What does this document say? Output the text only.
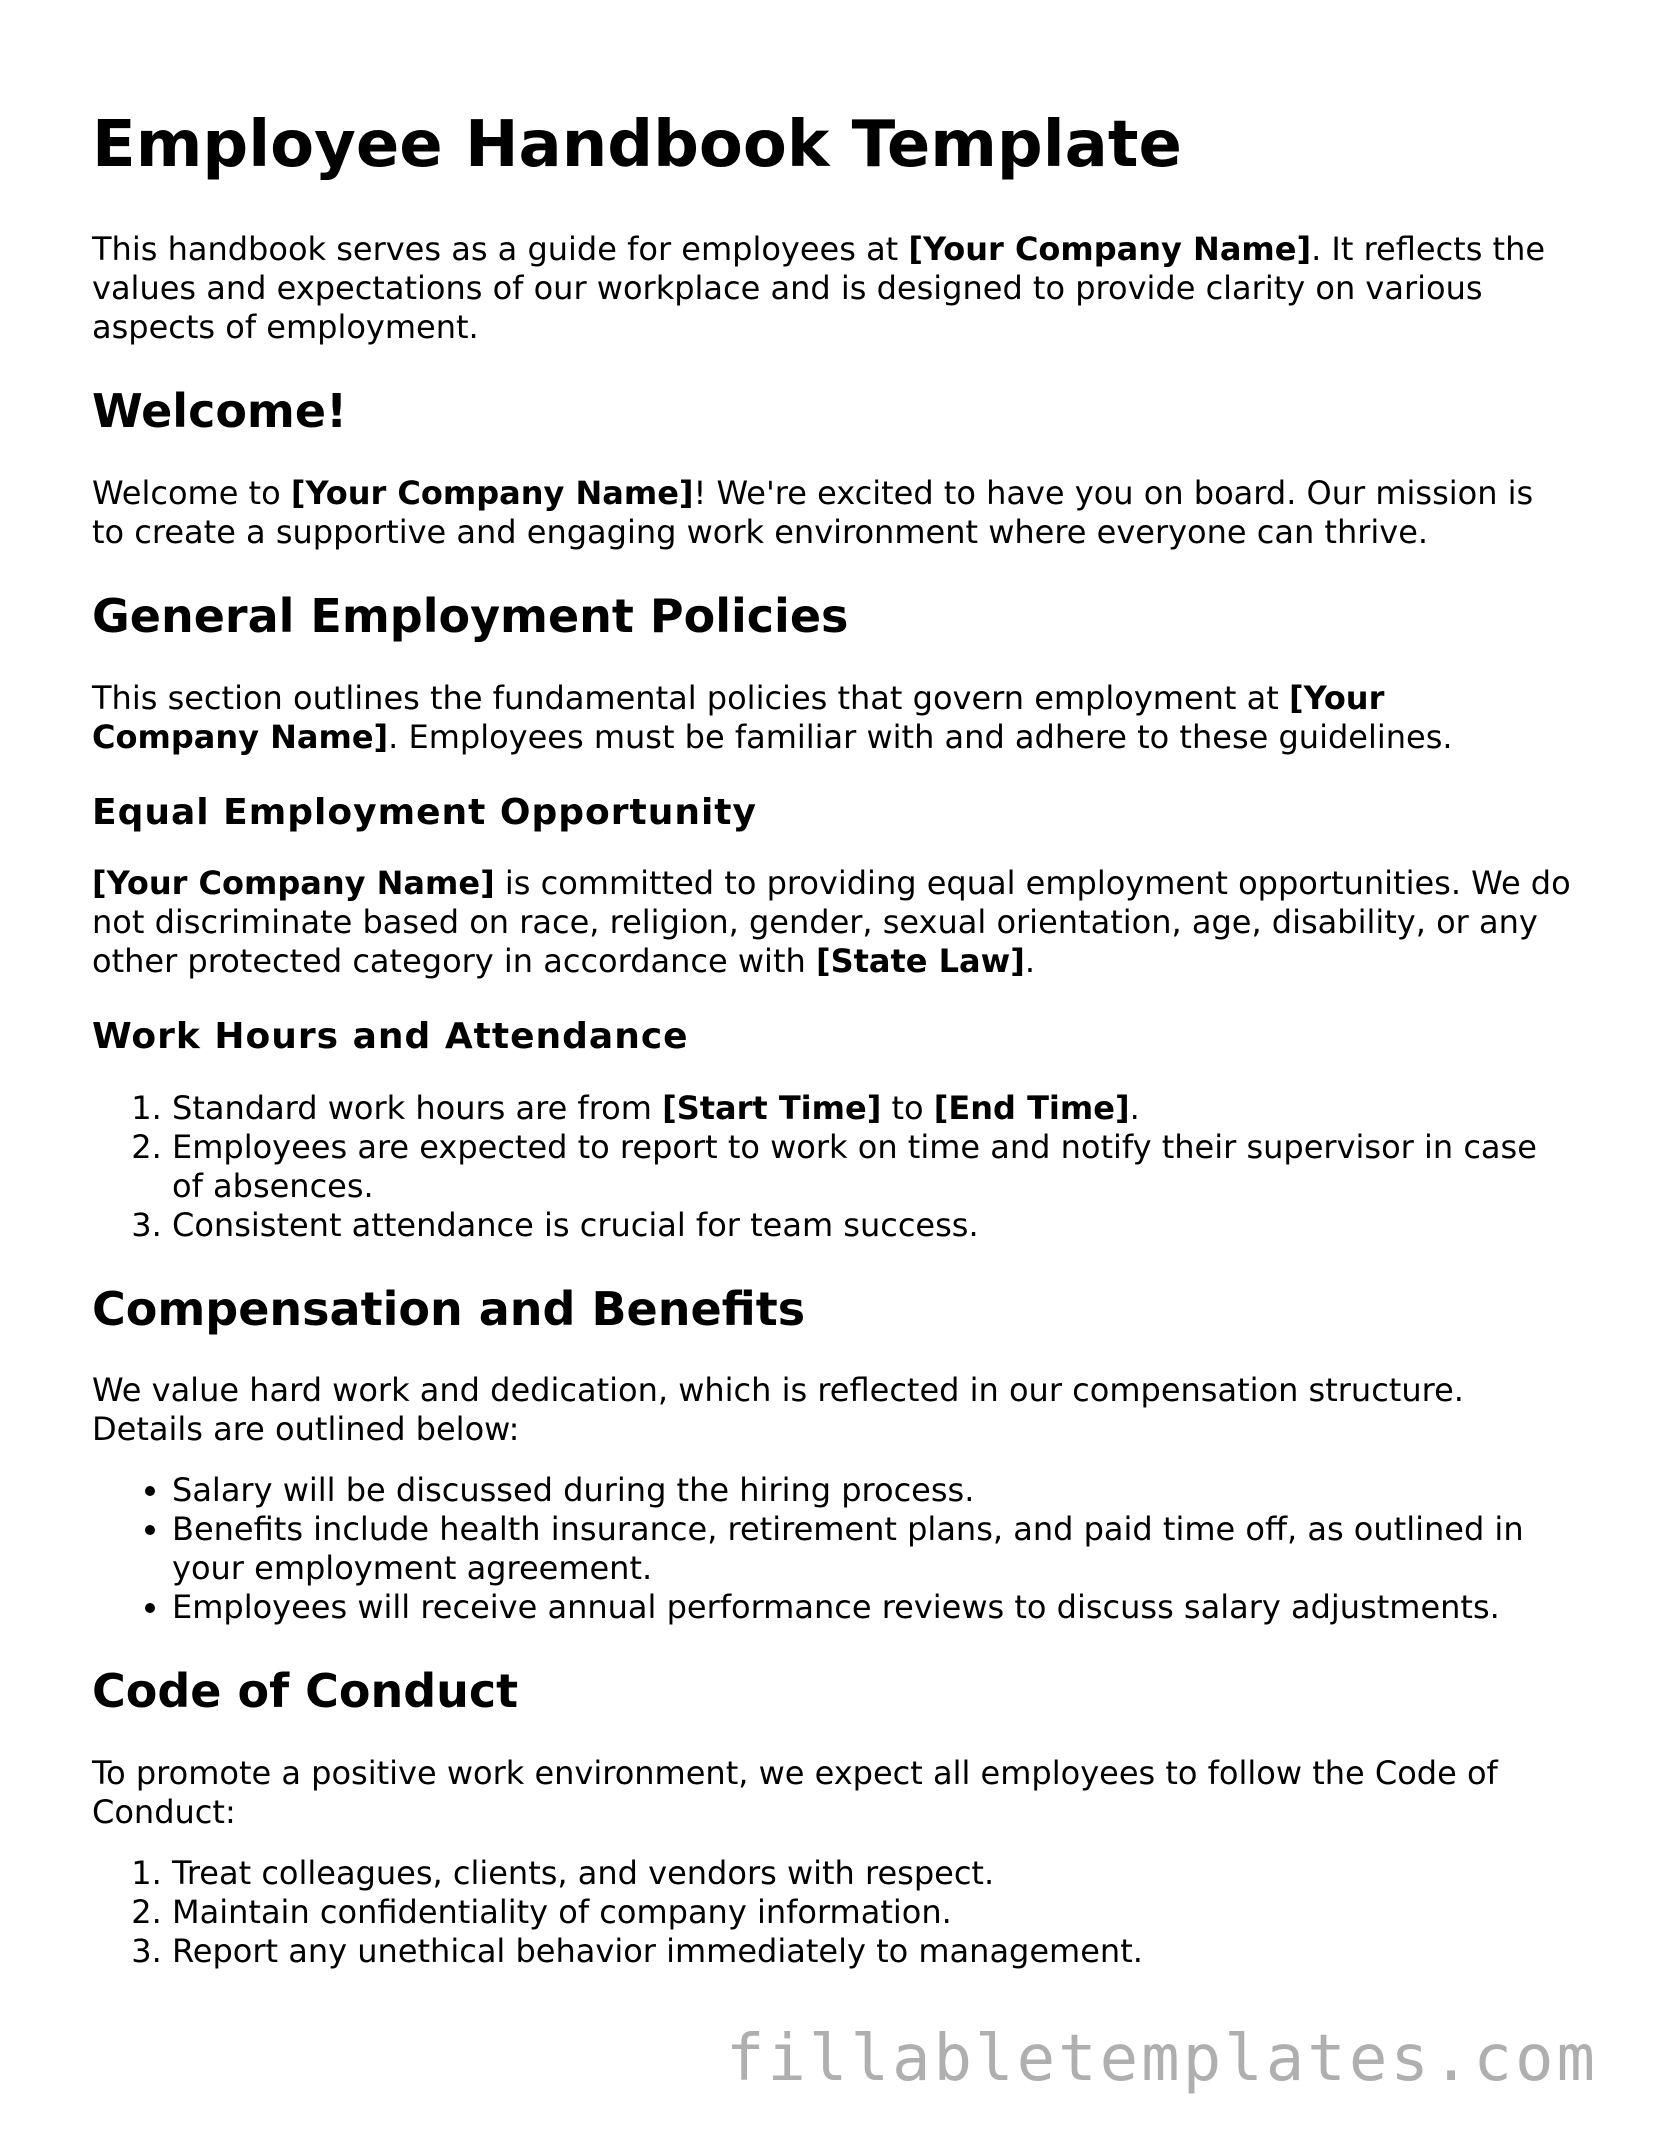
Employee Handbook Template

This handbook serves as a guide for employees at [Your Company Name]. It reflects the values and expectations of our workplace and is designed to provide clarity on various aspects of employment.

Welcome!

Welcome to [Your Company Name]! We're excited to have you on board. Our mission is to create a supportive and engaging work environment where everyone can thrive.

General Employment Policies

This section outlines the fundamental policies that govern employment at [Your
Company Name]. Employees must be familiar with and adhere to these guidelines.

Equal Employment Opportunity

[Your Company Name] is committed to providing equal employment opportunities. We do not discriminate based on race, religion, gender, sexual orientation, age, disability, or any other protected category in accordance with [State Law].

Work Hours and Attendance
1. Standard work hours are from [Start Time] to [End Time].
2. Employees are expected to report to work on time and notify their supervisor in case of absences.
3. Consistent attendance is crucial for team success.
Compensation and Benefits

We value hard work and dedication, which is reflected in our compensation structure. Details are outlined below:

• Salary will be discussed during the hiring process.
• Benefits include health insurance, retirement plans, and paid time off, as outlined in your employment agreement.
• Employees will receive annual performance reviews to discuss salary adjustments.
Code of Conduct

To promote a positive work environment, we expect all employees to follow the Code of Conduct:

1. Treat colleagues, clients, and vendors with respect.
2. Maintain confidentiality of company information.
3. Report any unethical behavior immediately to management.
fillabletemplates.com
